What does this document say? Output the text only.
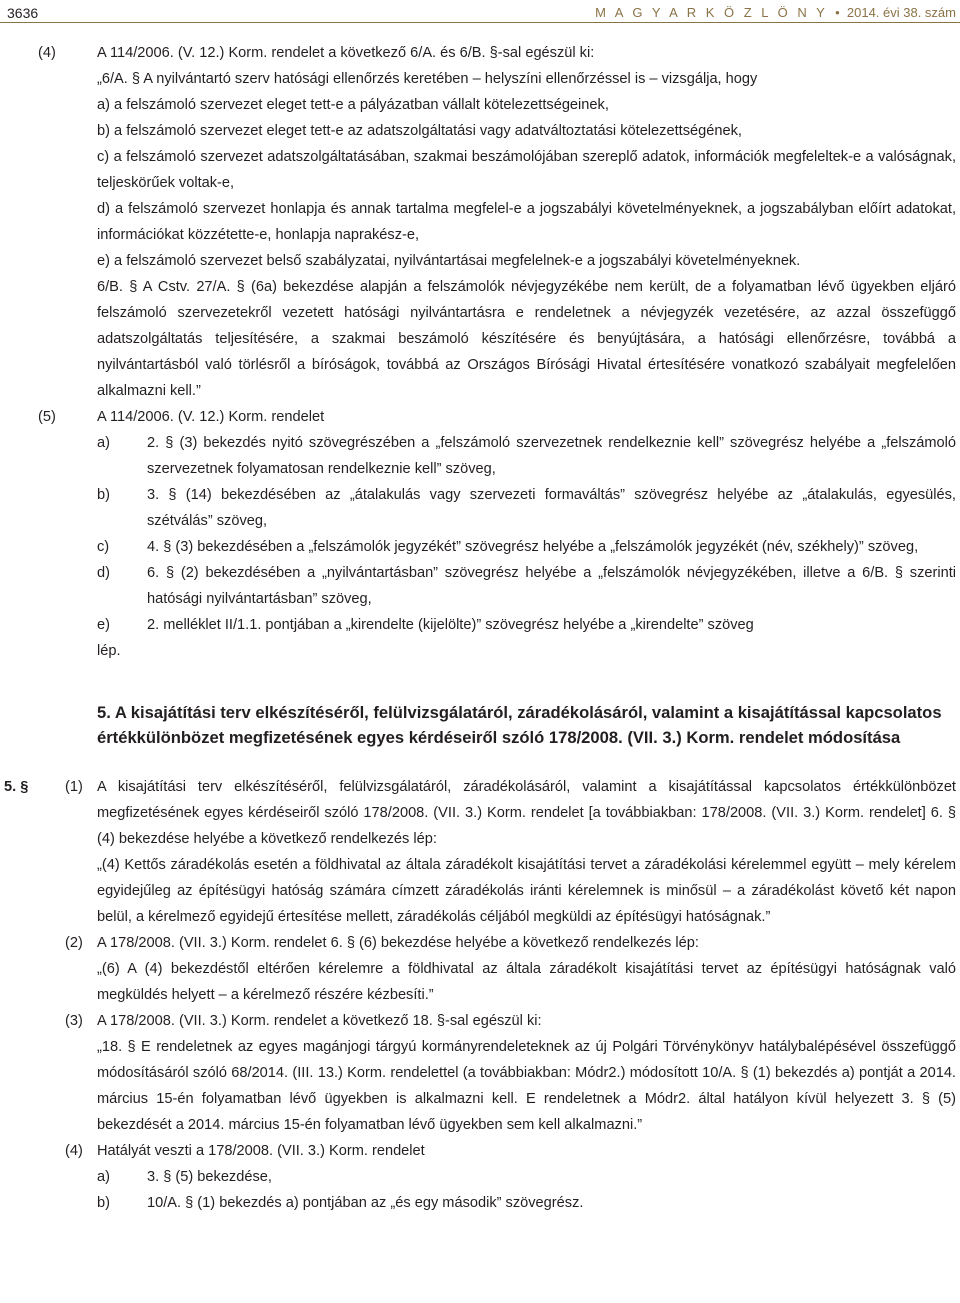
3636	M A G Y A R K Ö Z L Ö N Y • 2014. évi 38. szám
(4)	A 114/2006. (V. 12.) Korm. rendelet a következő 6/A. és 6/B. §-sal egészül ki:
„6/A. § A nyilvántartó szerv hatósági ellenőrzés keretében – helyszíni ellenőrzéssel is – vizsgálja, hogy
a) a felszámoló szervezet eleget tett-e a pályázatban vállalt kötelezettségeinek,
b) a felszámoló szervezet eleget tett-e az adatszolgáltatási vagy adatváltoztatási kötelezettségének,
c) a felszámoló szervezet adatszolgáltatásában, szakmai beszámolójában szereplő adatok, információk megfeleltek-e a valóságnak, teljeskörűek voltak-e,
d) a felszámoló szervezet honlapja és annak tartalma megfelel-e a jogszabályi követelményeknek, a jogszabályban előírt adatokat, információkat közzétette-e, honlapja naprakész-e,
e) a felszámoló szervezet belső szabályzatai, nyilvántartásai megfelelnek-e a jogszabályi követelményeknek.
6/B. § A Cstv. 27/A. § (6a) bekezdése alapján a felszámolók névjegyzékébe nem került, de a folyamatban lévő ügyekben eljáró felszámoló szervezetekről vezetett hatósági nyilvántartásra e rendeletnek a névjegyzék vezetésére, az azzal összefüggő adatszolgáltatás teljesítésére, a szakmai beszámoló készítésére és benyújtására, a hatósági ellenőrzésre, továbbá a nyilvántartásból való törlésről a bíróságok, továbbá az Országos Bírósági Hivatal értesítésére vonatkozó szabályait megfelelően alkalmazni kell.”
(5)	A 114/2006. (V. 12.) Korm. rendelet
a)	2. § (3) bekezdés nyitó szövegrészében a „felszámoló szervezetnek rendelkeznie kell” szövegrész helyébe a „felszámoló szervezetnek folyamatosan rendelkeznie kell” szöveg,
b)	3. § (14) bekezdésében az „átalakulás vagy szervezeti formaváltás” szövegrész helyébe az „átalakulás, egyesülés, szétválás” szöveg,
c)	4. § (3) bekezdésében a „felszámolók jegyzékét” szövegrész helyébe a „felszámolók jegyzékét (név, székhely)” szöveg,
d)	6. § (2) bekezdésében a „nyilvántartásban” szövegrész helyébe a „felszámolók névjegyzékében, illetve a 6/B. § szerinti hatósági nyilvántartásban” szöveg,
e)	2. melléklet II/1.1. pontjában a „kirendelte (kijelölte)” szövegrész helyébe a „kirendelte” szöveg
lép.
5. A kisajátítási terv elkészítéséről, felülvizsgálatáról, záradékolásáról, valamint a kisajátítással kapcsolatos értékkülönbözet megfizetésének egyes kérdéseiről szóló 178/2008. (VII. 3.) Korm. rendelet módosítása
5. §	(1) A kisajátítási terv elkészítéséről, felülvizsgálatáról, záradékolásáról, valamint a kisajátítással kapcsolatos értékkülönbözet megfizetésének egyes kérdéseiről szóló 178/2008. (VII. 3.) Korm. rendelet [a továbbiakban: 178/2008. (VII. 3.) Korm. rendelet] 6. § (4) bekezdése helyébe a következő rendelkezés lép:
„(4) Kettős záradékolás esetén a földhivatal az általa záradékolt kisajátítási tervet a záradékolási kérelemmel együtt – mely kérelem egyidejűleg az építésügyi hatóság számára címzett záradékolás iránti kérelemnek is minősül – a záradékolást követő két napon belül, a kérelmező egyidejű értesítése mellett, záradékolás céljából megküldi az építésügyi hatóságnak.”
(2) A 178/2008. (VII. 3.) Korm. rendelet 6. § (6) bekezdése helyébe a következő rendelkezés lép:
„(6) A (4) bekezdéstől eltérően kérelemre a földhivatal az általa záradékolt kisajátítási tervet az építésügyi hatóságnak való megküldés helyett – a kérelmező részére kézbesíti.”
(3) A 178/2008. (VII. 3.) Korm. rendelet a következő 18. §-sal egészül ki:
„18. § E rendeletnek az egyes magánjogi tárgyú kormányrendeleteknek az új Polgári Törvénykönyv hatálybalépésével összefüggő módosításáról szóló 68/2014. (III. 13.) Korm. rendelettel (a továbbiakban: Módr2.) módosított 10/A. § (1) bekezdés a) pontját a 2014. március 15-én folyamatban lévő ügyekben is alkalmazni kell. E rendeletnek a Módr2. által hatályon kívül helyezett 3. § (5) bekezdését a 2014. március 15-én folyamatban lévő ügyekben sem kell alkalmazni.”
(4) Hatályát veszti a 178/2008. (VII. 3.) Korm. rendelet
a)	3. § (5) bekezdése,
b)	10/A. § (1) bekezdés a) pontjában az „és egy második” szövegrész.
